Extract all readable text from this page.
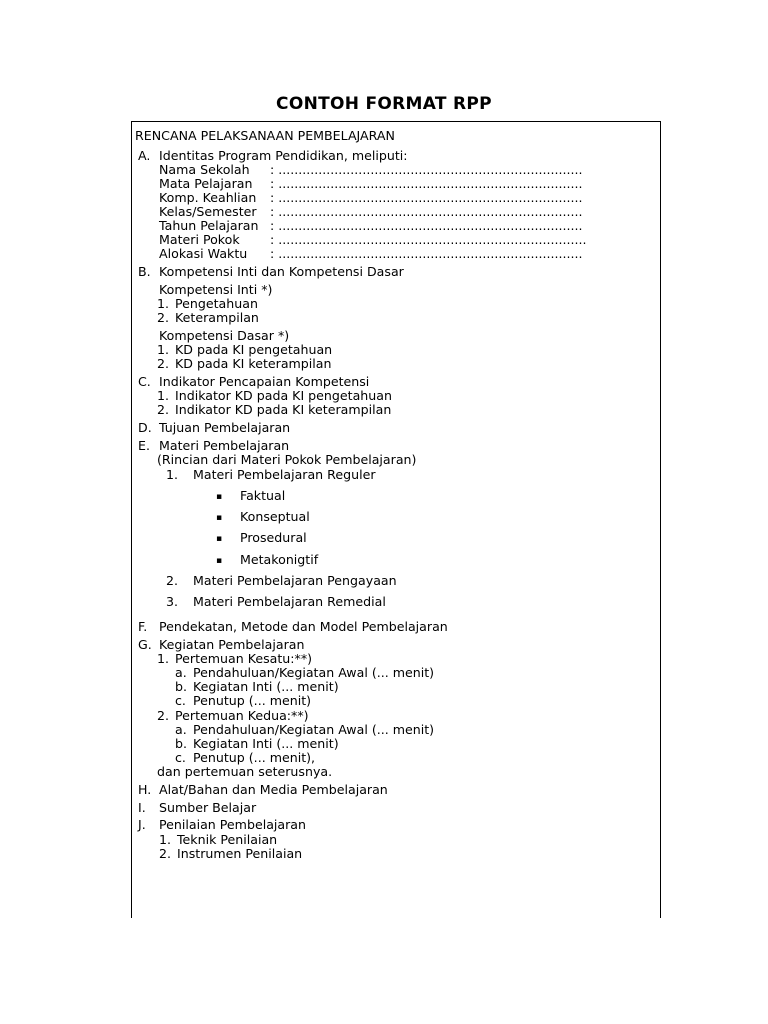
CONTOH FORMAT RPP
RENCANA PELAKSANAAN PEMBELAJARAN
A. Identitas Program Pendidikan, meliputi:
Nama Sekolah : ............................................................................
Mata Pelajaran : ............................................................................
Komp. Keahlian : ............................................................................
Kelas/Semester : ............................................................................
Tahun Pelajaran : ............................................................................
Materi Pokok : .............................................................................
Alokasi Waktu : ............................................................................
B. Kompetensi Inti dan Kompetensi Dasar
Kompetensi Inti *)
1. Pengetahuan
2. Keterampilan
Kompetensi Dasar *)
1. KD pada KI pengetahuan
2. KD pada KI keterampilan
C. Indikator Pencapaian Kompetensi
1. Indikator KD pada KI pengetahuan
2. Indikator KD pada KI keterampilan
D. Tujuan Pembelajaran
E. Materi Pembelajaran
(Rincian dari Materi Pokok Pembelajaran)
1. Materi Pembelajaran Reguler
▪ Faktual
▪ Konseptual
▪ Prosedural
▪ Metakonigtif
2. Materi Pembelajaran Pengayaan
3. Materi Pembelajaran Remedial
F. Pendekatan, Metode dan Model Pembelajaran
G. Kegiatan Pembelajaran
1. Pertemuan Kesatu:**)
a. Pendahuluan/Kegiatan Awal (... menit)
b. Kegiatan Inti (... menit)
c. Penutup (... menit)
2. Pertemuan Kedua:**)
a. Pendahuluan/Kegiatan Awal (... menit)
b. Kegiatan Inti (... menit)
c. Penutup (... menit),
dan pertemuan seterusnya.
H. Alat/Bahan dan Media Pembelajaran
I. Sumber Belajar
J. Penilaian Pembelajaran
1. Teknik Penilaian
2. Instrumen Penilaian
